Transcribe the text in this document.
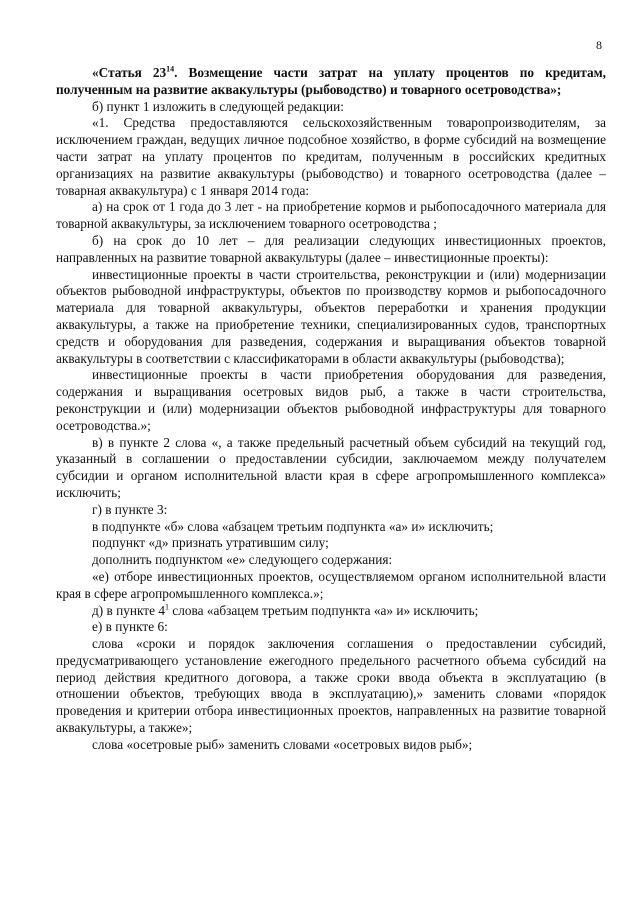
8

«Статья $23^{14}$. Возмещение части затрат на уплату процентов по кредитам, полученным на развитие аквакультуры (рыбоводство) и товарного осетроводства»;

б) пункт 1 изложить в следующей редакции:

«1. Средства предоставляются сельскохозяйственным товаропроизводителям, за исключением граждан, ведущих личное подсобное хозяйство, в форме субсидий на возмещение части затрат на уплату процентов по кредитам, полученным в российских кредитных организациях на развитие аквакультуры (рыбоводство) и товарного осетроводства (далее – товарная аквакультура) с 1 января 2014 года:

а) на срок от 1 года до 3 лет - на приобретение кормов и рыбопосадочного материала для товарной аквакультуры, за исключением товарного осетроводства ;

б) на срок до 10 лет – для реализации следующих инвестиционных проектов, направленных на развитие товарной аквакультуры (далее – инвестиционные проекты):

инвестиционные проекты в части строительства, реконструкции и (или) модернизации объектов рыбоводной инфраструктуры, объектов по производству кормов и рыбопосадочного материала для товарной аквакультуры, объектов переработки и хранения продукции аквакультуры, а также на приобретение техники, специализированных судов, транспортных средств и оборудования для разведения, содержания и выращивания объектов товарной аквакультуры в соответствии с классификаторами в области аквакультуры (рыбоводства);

инвестиционные проекты в части приобретения оборудования для разведения, содержания и выращивания осетровых видов рыб, а также в части строительства, реконструкции и (или) модернизации объектов рыбоводной инфраструктуры для товарного осетроводства.»;

в) в пункте 2 слова «, а также предельный расчетный объем субсидий на текущий год, указанный в соглашении о предоставлении субсидии, заключаемом между получателем субсидии и органом исполнительной власти края в сфере агропромышленного комплекса» исключить;

г) в пункте 3:

в подпункте «б» слова «абзацем третьим подпункта «а» и» исключить;

подпункт «д» признать утратившим силу;

дополнить подпунктом «е» следующего содержания:

«е) отборе инвестиционных проектов, осуществляемом органом исполнительной власти края в сфере агропромышленного комплекса.»;

д) в пункте $4^1$ слова «абзацем третьим подпункта «а» и» исключить;

е) в пункте 6:

слова «сроки и порядок заключения соглашения о предоставлении субсидий, предусматривающего установление ежегодного предельного расчетного объема субсидий на период действия кредитного договора, а также сроки ввода объекта в эксплуатацию (в отношении объектов, требующих ввода в эксплуатацию),» заменить словами «порядок проведения и критерии отбора инвестиционных проектов, направленных на развитие товарной аквакультуры, а также»;

слова «осетровые рыб» заменить словами «осетровых видов рыб»;
